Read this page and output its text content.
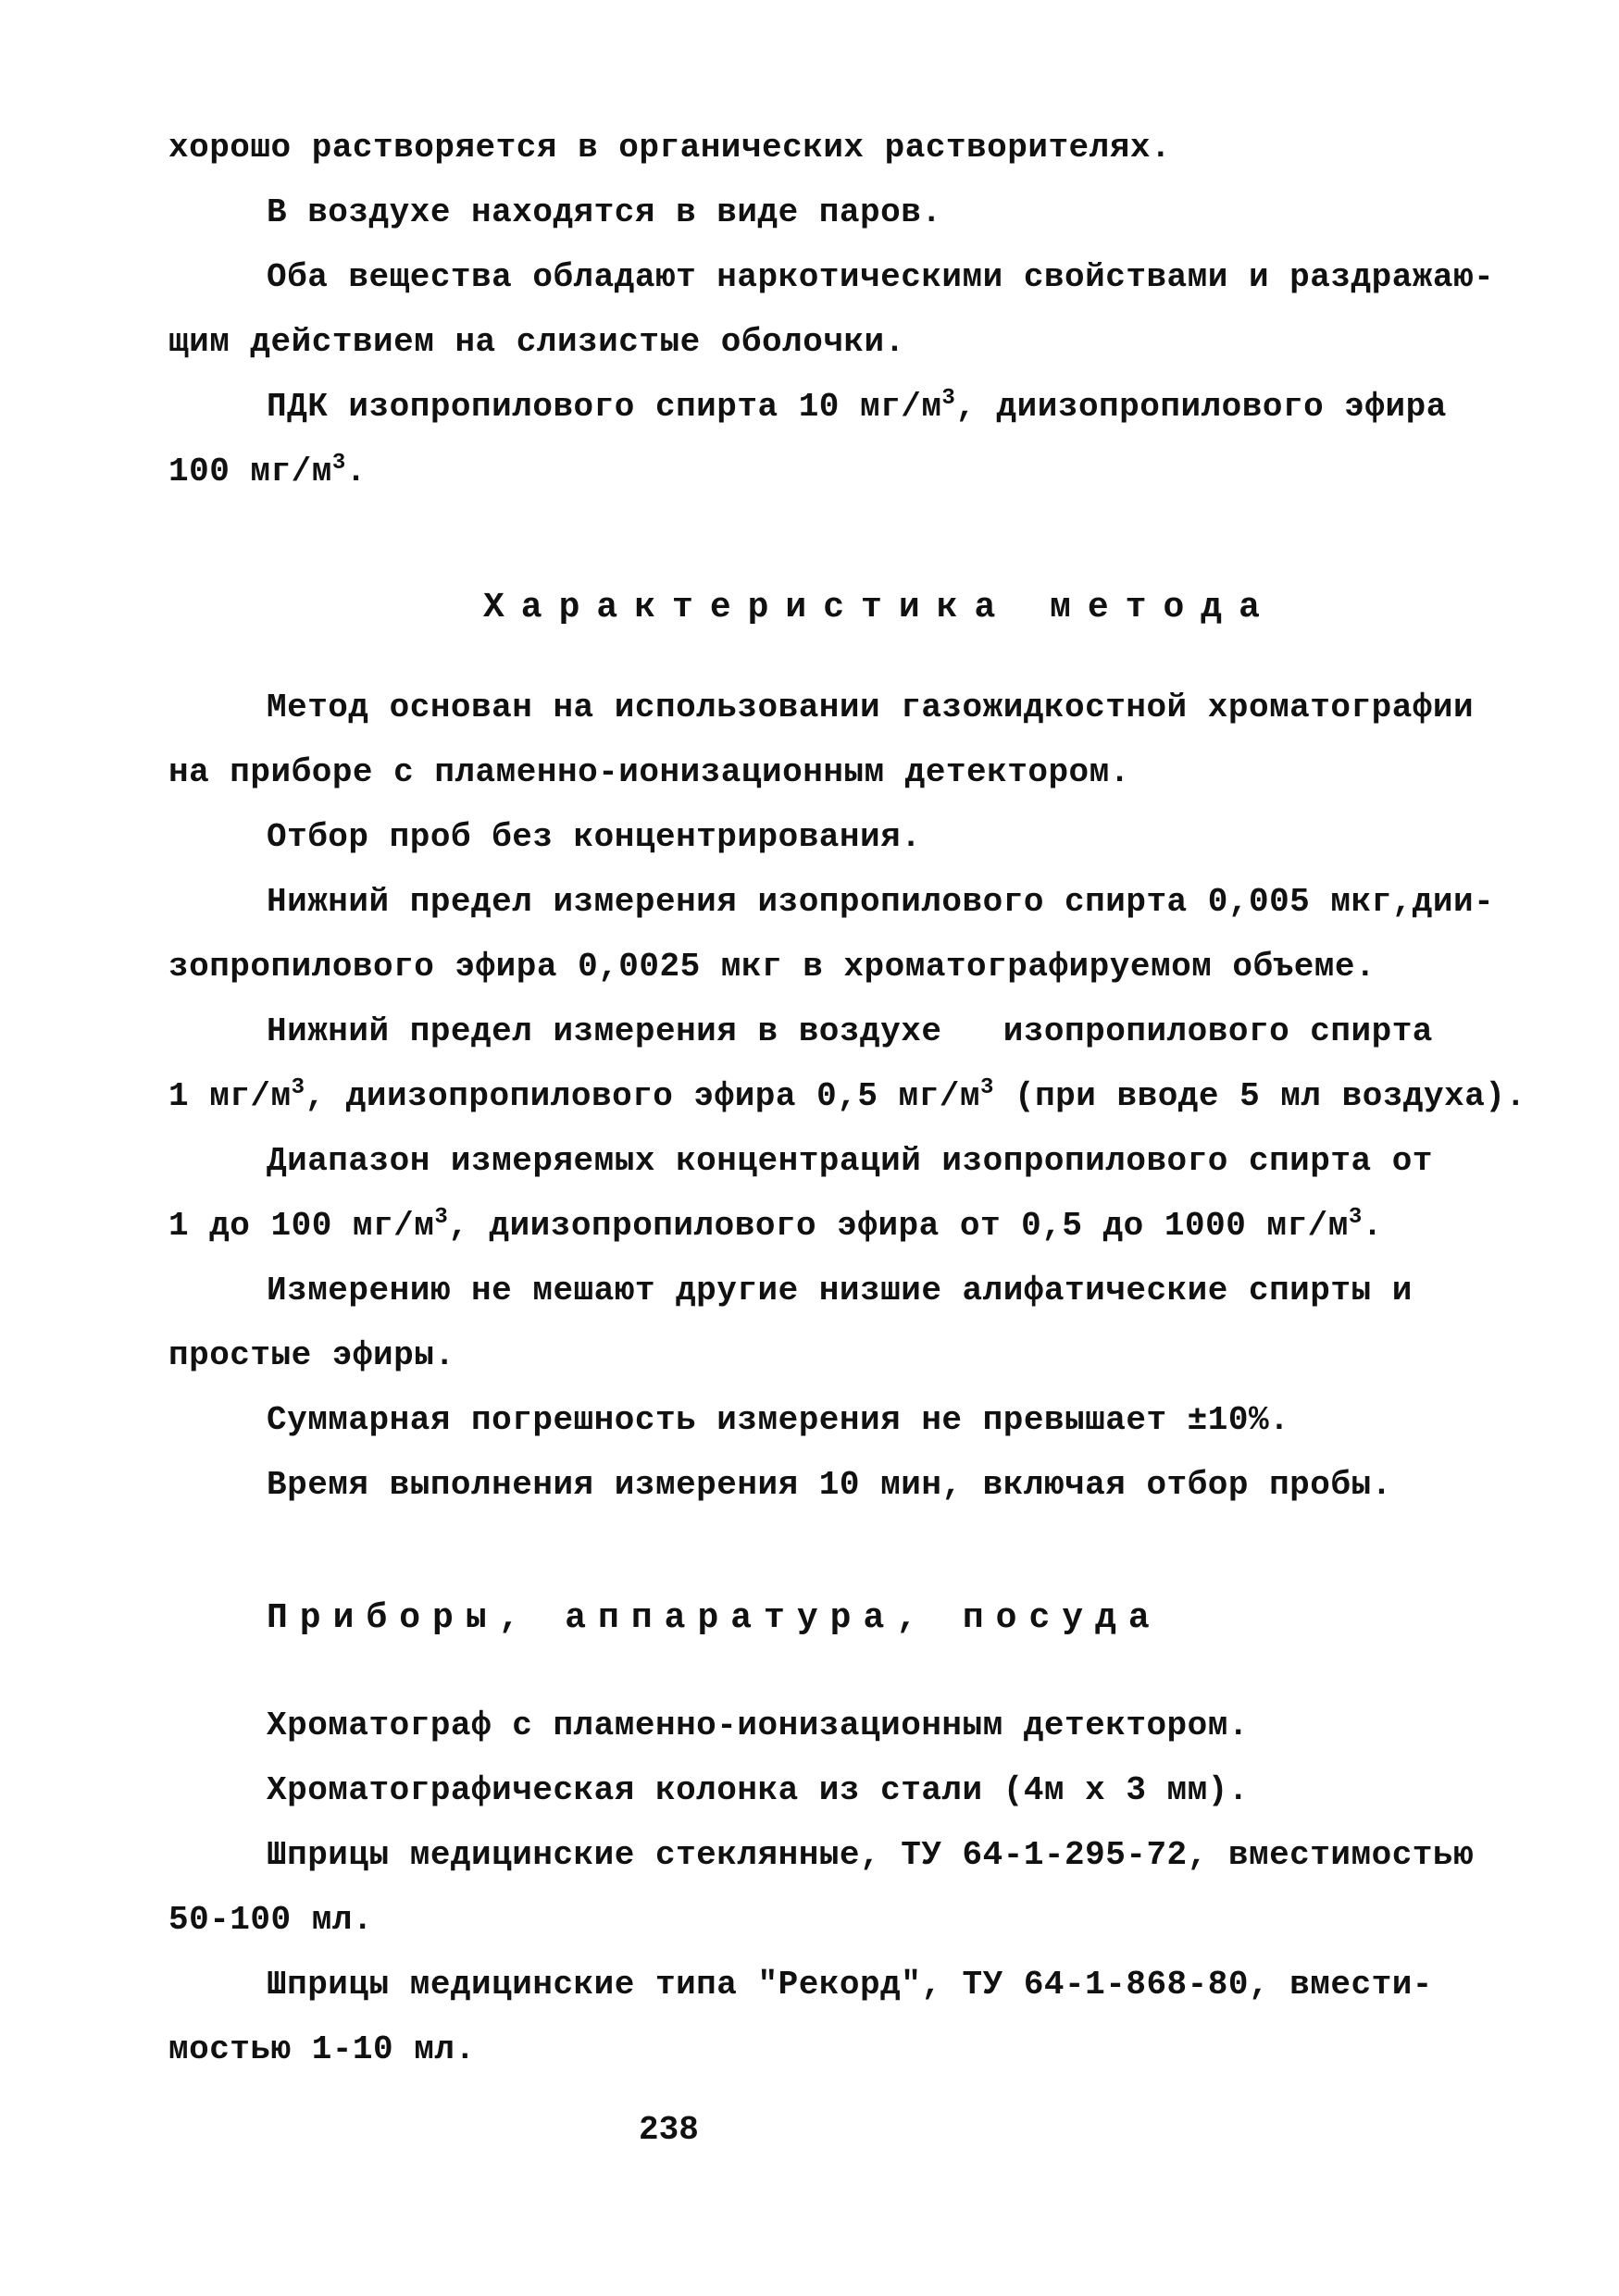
хорошо растворяется в органических растворителях.
В воздухе находятся в виде паров.
Оба вещества обладают наркотическими свойствами и раздражаю-
щим действием на слизистые оболочки.
ПДК изопропилового спирта 10 $мг/м^3$, диизопропилового эфира
100 $мг/м^3$.
Характеристика метода
Метод основан на использовании газожидкостной хроматографии
на приборе с пламенно-ионизационным детектором.
Отбор проб без концентрирования.
Нижний предел измерения изопропилового спирта 0,005 мкг,дии-
зопропилового эфира 0,0025 мкг в хроматографируемом объеме.
Нижний предел измерения в воздухе   изопропилового спирта
1 $мг/м^3$, диизопропилового эфира 0,5 $мг/м^3$ (при вводе 5 мл воздуха).
Диапазон измеряемых концентраций изопропилового спирта от
1 до 100 $мг/м^3$, диизопропилового эфира от 0,5 до 1000 $мг/м^3$.
Измерению не мешают другие низшие алифатические спирты и
простые эфиры.
Суммарная погрешность измерения не превышает ±10%.
Время выполнения измерения 10 мин, включая отбор пробы.
Приборы, аппаратура, посуда
Хроматограф с пламенно-ионизационным детектором.
Хроматографическая колонка из стали (4м х 3 мм).
Шприцы медицинские стеклянные, ТУ 64-1-295-72, вместимостью
50-100 мл.
Шприцы медицинские типа "Рекорд", ТУ 64-1-868-80, вмести-
мостью 1-10 мл.
238
